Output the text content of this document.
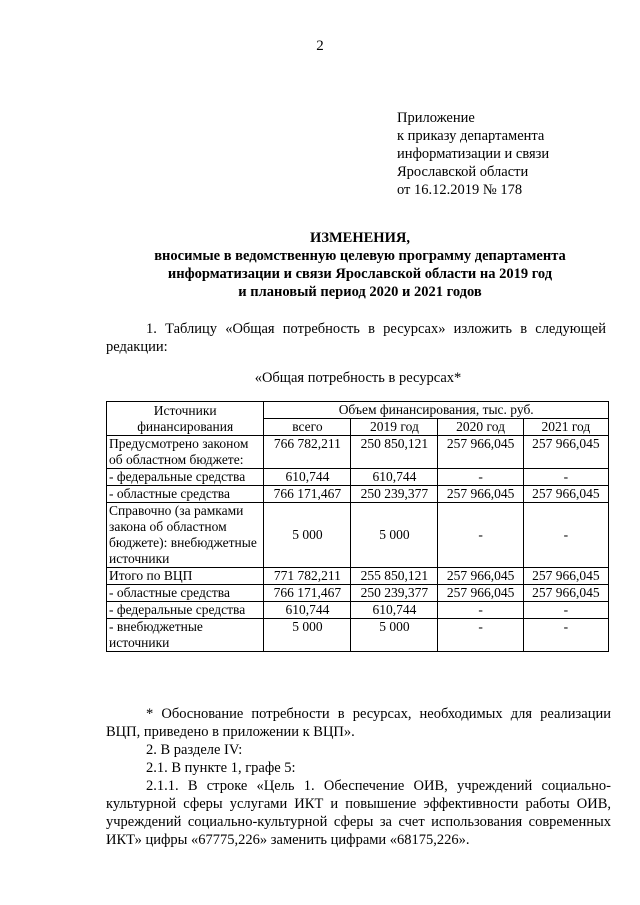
2
Приложение
к приказу департамента
информатизации и связи
Ярославской области
от 16.12.2019 № 178
ИЗМЕНЕНИЯ,
вносимые в ведомственную целевую программу департамента
информатизации и связи Ярославской области на 2019 год
и плановый период 2020 и 2021 годов
1. Таблицу «Общая потребность в ресурсах» изложить в следующей редакции:
«Общая потребность в ресурсах*
Источники финансирования	Объем финансирования, тыс. руб.			
	всего	2019 год	2020 год	2021 год
Предусмотрено законом об областном бюджете:	766 782,211	250 850,121	257 966,045	257 966,045
- федеральные средства	610,744	610,744	-	-
- областные средства	766 171,467	250 239,377	257 966,045	257 966,045
Справочно (за рамками закона об областном бюджете): внебюджетные источники	5 000	5 000	-	-
Итого по ВЦП	771 782,211	255 850,121	257 966,045	257 966,045
- областные средства	766 171,467	250 239,377	257 966,045	257 966,045
- федеральные средства	610,744	610,744	-	-
- внебюджетные источники	5 000	5 000	-	-
* Обоснование потребности в ресурсах, необходимых для реализации ВЦП, приведено в приложении к ВЦП».
2. В разделе IV:
2.1. В пункте 1, графе 5:
2.1.1. В строке «Цель 1. Обеспечение ОИВ, учреждений социально-культурной сферы услугами ИКТ и повышение эффективности работы ОИВ, учреждений социально-культурной сферы за счет использования современных ИКТ» цифры «67775,226» заменить цифрами «68175,226».
